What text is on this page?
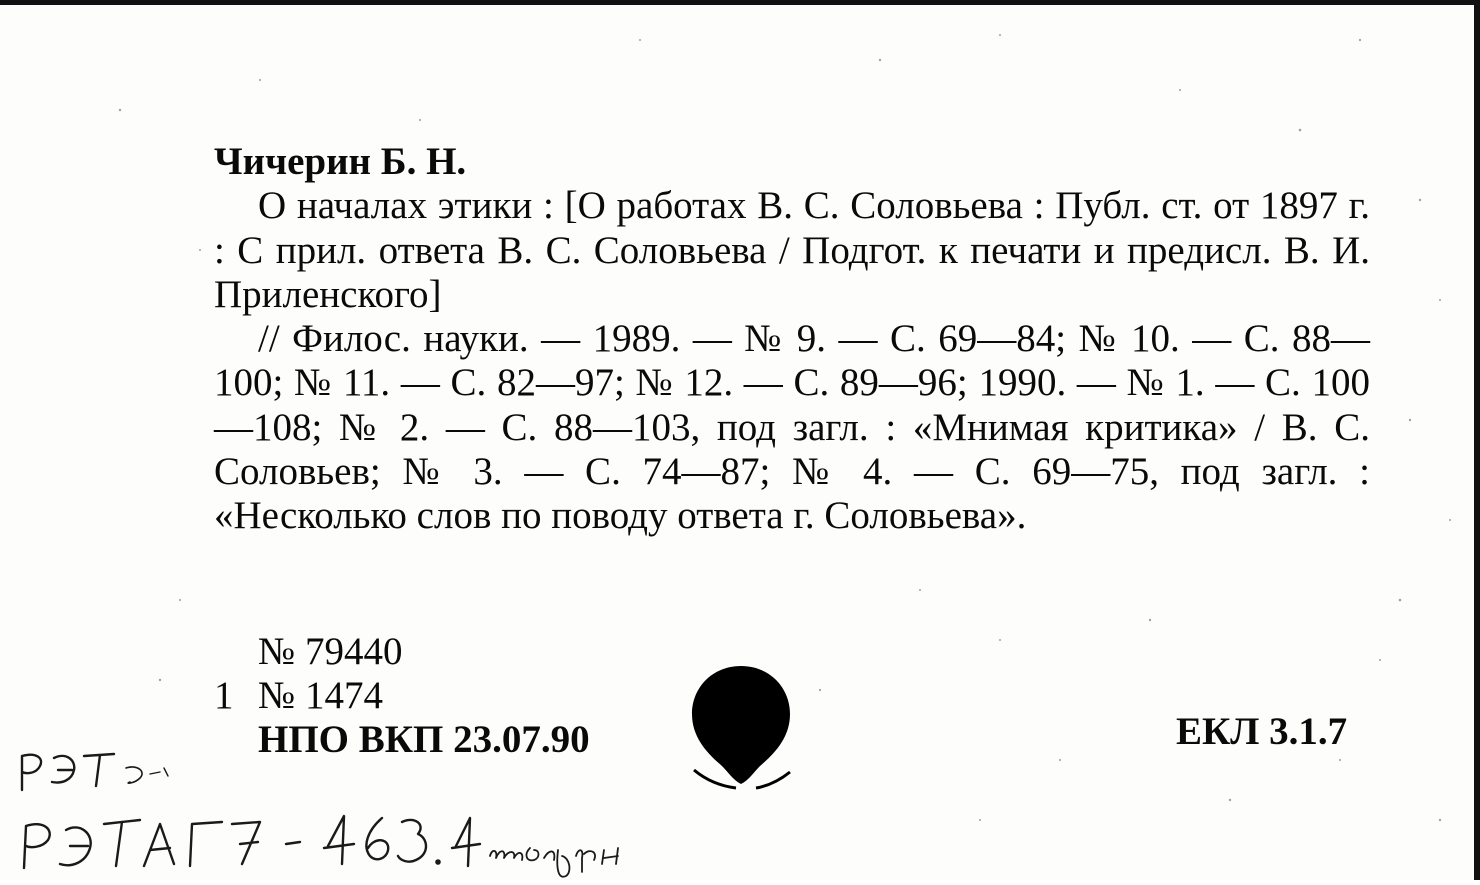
Чичерин Б. Н.
О началах этики : [О работах В. С. Соловьева : Публ. ст. от 1897 г. : С прил. ответа В. С. Соловьева / Подгот. к печати и предисл. В. И. Приленского]
// Филос. науки. — 1989. — № 9. — С. 69—84; № 10. — С. 88—100; № 11. — С. 82—97; № 12. — С. 89—96; 1990. — № 1. — С. 100—108; № 2. — С. 88—103, под загл. : «Мнимая критика» / В. С. Соловьев; № 3. — С. 74—87; № 4. — С. 69—75, под загл. : «Несколько слов по поводу ответа г. Соловьева».
№ 79440
1 № 1474
НПО ВКП 23.07.90	ЕКЛ 3.1.7
